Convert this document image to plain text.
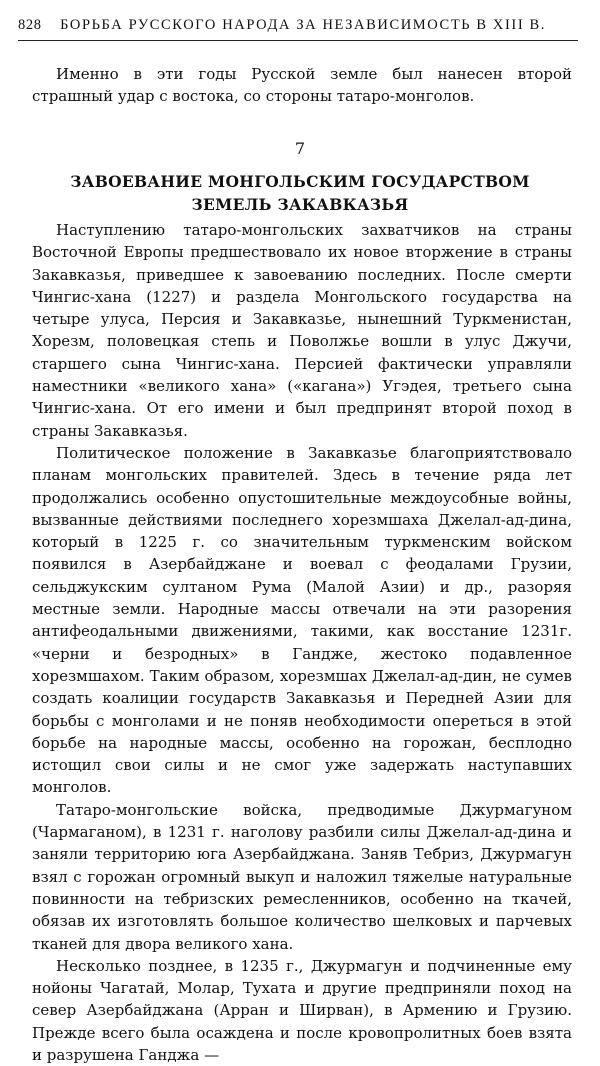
828 БОРЬБА РУССКОГО НАРОДА ЗА НЕЗАВИСИМОСТЬ В XIII В.

Именно в эти годы Русской земле был нанесен второй страшный удар с востока, со стороны татаро-монголов.

7
ЗАВОЕВАНИЕ МОНГОЛЬСКИМ ГОСУДАРСТВОМ
ЗЕМЕЛЬ ЗАКАВКАЗЬЯ

Наступлению татаро-монгольских захватчиков на страны Восточной Европы предшествовало их новое вторжение в страны Закавказья, приведшее к завоеванию последних. После смерти Чингис-хана (1227) и раздела Монгольского государства на четыре улуса, Персия и Закавказье, нынешний Туркменистан, Хорезм, половецкая степь и Поволжье вошли в улус Джучи, старшего сына Чингис-хана. Персией фактически управляли наместники «великого хана» («кагана») Угэдея, третьего сына Чингис-хана. От его имени и был предпринят второй поход в страны Закавказья.

Политическое положение в Закавказье благоприятствовало планам монгольских правителей. Здесь в течение ряда лет продолжались особенно опустошительные междоусобные войны, вызванные действиями последнего хорезмшаха Джелал-ад-дина, который в 1225 г. со значительным туркменским войском появился в Азербайджане и воевал с феодалами Грузии, сельджукским султаном Рума (Малой Азии) и др., разоряя местные земли. Народные массы отвечали на эти разорения антифеодальными движениями, такими, как восстание 1231г. «черни и безродных» в Гандже, жестоко подавленное хорезмшахом. Таким образом, хорезмшах Джелал-ад-дин, не сумев создать коалиции государств Закавказья и Передней Азии для борьбы с монголами и не поняв необходимости опереться в этой борьбе на народные массы, особенно на горожан, бесплодно истощил свои силы и не смог уже задержать наступавших монголов.

Татаро-монгольские войска, предводимые Джурмагуном (Чармаганом), в 1231 г. наголову разбили силы Джелал-ад-дина и заняли территорию юга Азербайджана. Заняв Тебриз, Джурмагун взял с горожан огромный выкуп и наложил тяжелые натуральные повинности на тебризских ремесленников, особенно на ткачей, обязав их изготовлять большое количество шелковых и парчевых тканей для двора великого хана.

Несколько позднее, в 1235 г., Джурмагун и подчиненные ему нойоны Чагатай, Молар, Тухата и другие предприняли поход на север Азербайджана (Арран и Ширван), в Армению и Грузию. Прежде всего была осаждена и после кровопролитных боев взята и разрушена Ганджа —
